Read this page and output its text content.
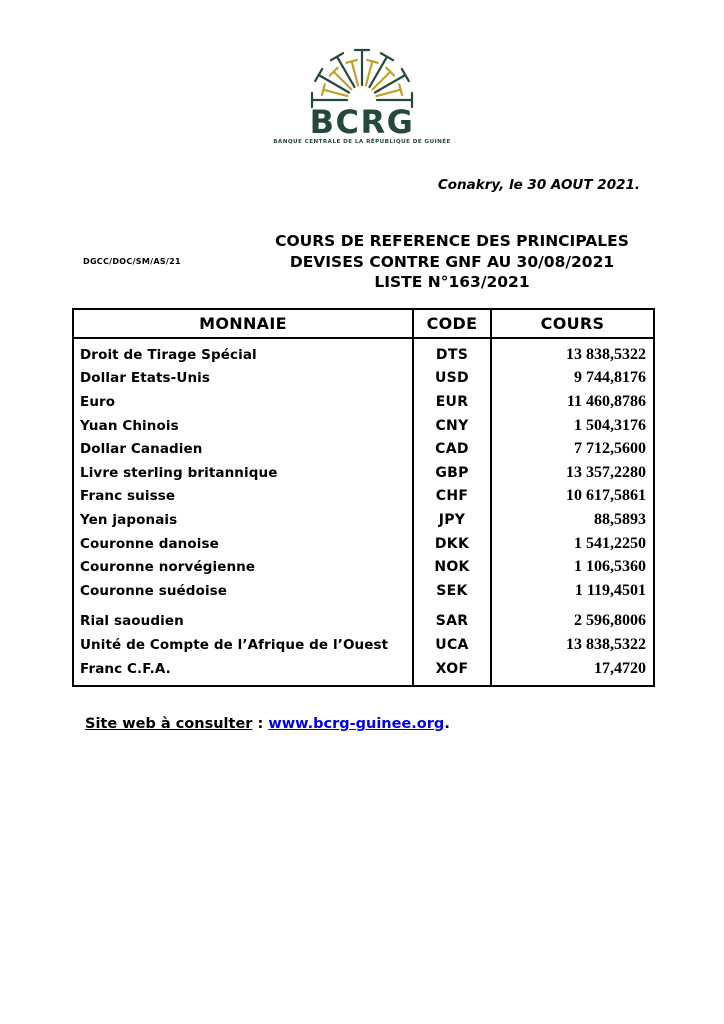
BCRG
BANQUE CENTRALE DE LA RÉPUBLIQUE DE GUINÉE
Conakry, le 30 AOUT 2021.
DGCC/DOC/SM/AS/21
COURS DE REFERENCE DES PRINCIPALES
DEVISES CONTRE GNF AU 30/08/2021
LISTE N°163/2021
MONNAIE	CODE	COURS
Droit de Tirage Spécial	DTS	13 838,5322
Dollar Etats-Unis	USD	9 744,8176
Euro	EUR	11 460,8786
Yuan Chinois	CNY	1 504,3176
Dollar Canadien	CAD	7 712,5600
Livre sterling britannique	GBP	13 357,2280
Franc suisse	CHF	10 617,5861
Yen japonais	JPY	88,5893
Couronne danoise	DKK	1 541,2250
Couronne norvégienne	NOK	1 106,5360
Couronne suédoise	SEK	1 119,4501
Rial saoudien	SAR	2 596,8006
Unité de Compte de l’Afrique de l’Ouest	UCA	13 838,5322
Franc C.F.A.	XOF	17,4720
Site web à consulter : www.bcrg-guinee.org.
